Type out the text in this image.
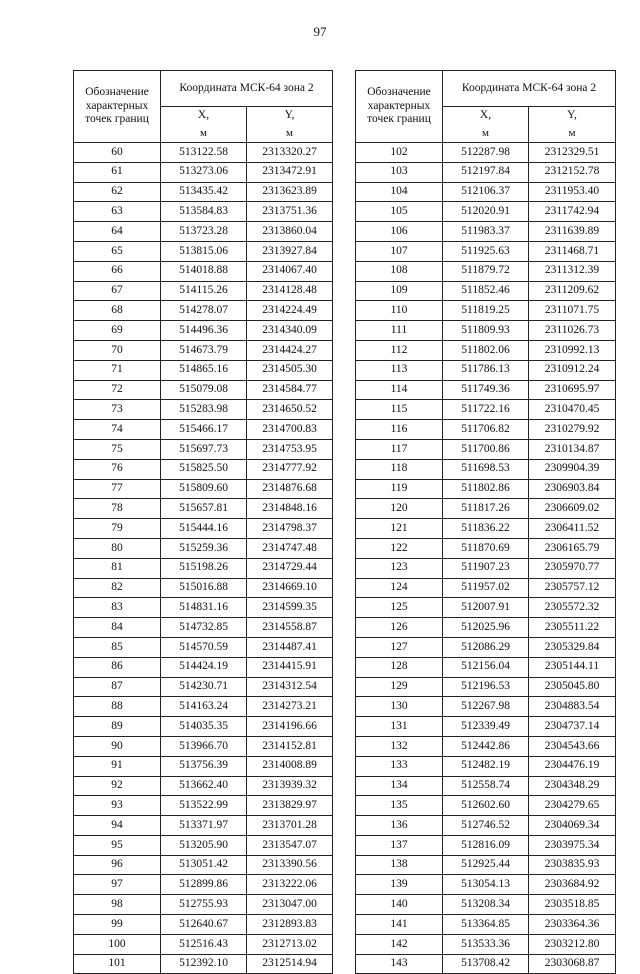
97
Обозначение характерных точек границ	Координата МСК-64 зона 2	

	X,
м	Y,
м

60	513122.58	2313320.27
61	513273.06	2313472.91
62	513435.42	2313623.89
63	513584.83	2313751.36
64	513723.28	2313860.04
65	513815.06	2313927.84
66	514018.88	2314067.40
67	514115.26	2314128.48
68	514278.07	2314224.49
69	514496.36	2314340.09
70	514673.79	2314424.27
71	514865.16	2314505.30
72	515079.08	2314584.77
73	515283.98	2314650.52
74	515466.17	2314700.83
75	515697.73	2314753.95
76	515825.50	2314777.92
77	515809.60	2314876.68
78	515657.81	2314848.16
79	515444.16	2314798.37
80	515259.36	2314747.48
81	515198.26	2314729.44
82	515016.88	2314669.10
83	514831.16	2314599.35
84	514732.85	2314558.87
85	514570.59	2314487.41
86	514424.19	2314415.91
87	514230.71	2314312.54
88	514163.24	2314273.21
89	514035.35	2314196.66
90	513966.70	2314152.81
91	513756.39	2314008.89
92	513662.40	2313939.32
93	513522.99	2313829.97
94	513371.97	2313701.28
95	513205.90	2313547.07
96	513051.42	2313390.56
97	512899.86	2313222.06
98	512755.93	2313047.00
99	512640.67	2312893.83
100	512516.43	2312713.02
101	512392.10	2312514.94
Обозначение характерных точек границ	Координата МСК-64 зона 2	

	X,
м	Y,
м

102	512287.98	2312329.51
103	512197.84	2312152.78
104	512106.37	2311953.40
105	512020.91	2311742.94
106	511983.37	2311639.89
107	511925.63	2311468.71
108	511879.72	2311312.39
109	511852.46	2311209.62
110	511819.25	2311071.75
111	511809.93	2311026.73
112	511802.06	2310992.13
113	511786.13	2310912.24
114	511749.36	2310695.97
115	511722.16	2310470.45
116	511706.82	2310279.92
117	511700.86	2310134.87
118	511698.53	2309904.39
119	511802.86	2306903.84
120	511817.26	2306609.02
121	511836.22	2306411.52
122	511870.69	2306165.79
123	511907.23	2305970.77
124	511957.02	2305757.12
125	512007.91	2305572.32
126	512025.96	2305511.22
127	512086.29	2305329.84
128	512156.04	2305144.11
129	512196.53	2305045.80
130	512267.98	2304883.54
131	512339.49	2304737.14
132	512442.86	2304543.66
133	512482.19	2304476.19
134	512558.74	2304348.29
135	512602.60	2304279.65
136	512746.52	2304069.34
137	512816.09	2303975.34
138	512925.44	2303835.93
139	513054.13	2303684.92
140	513208.34	2303518.85
141	513364.85	2303364.36
142	513533.36	2303212.80
143	513708.42	2303068.87
